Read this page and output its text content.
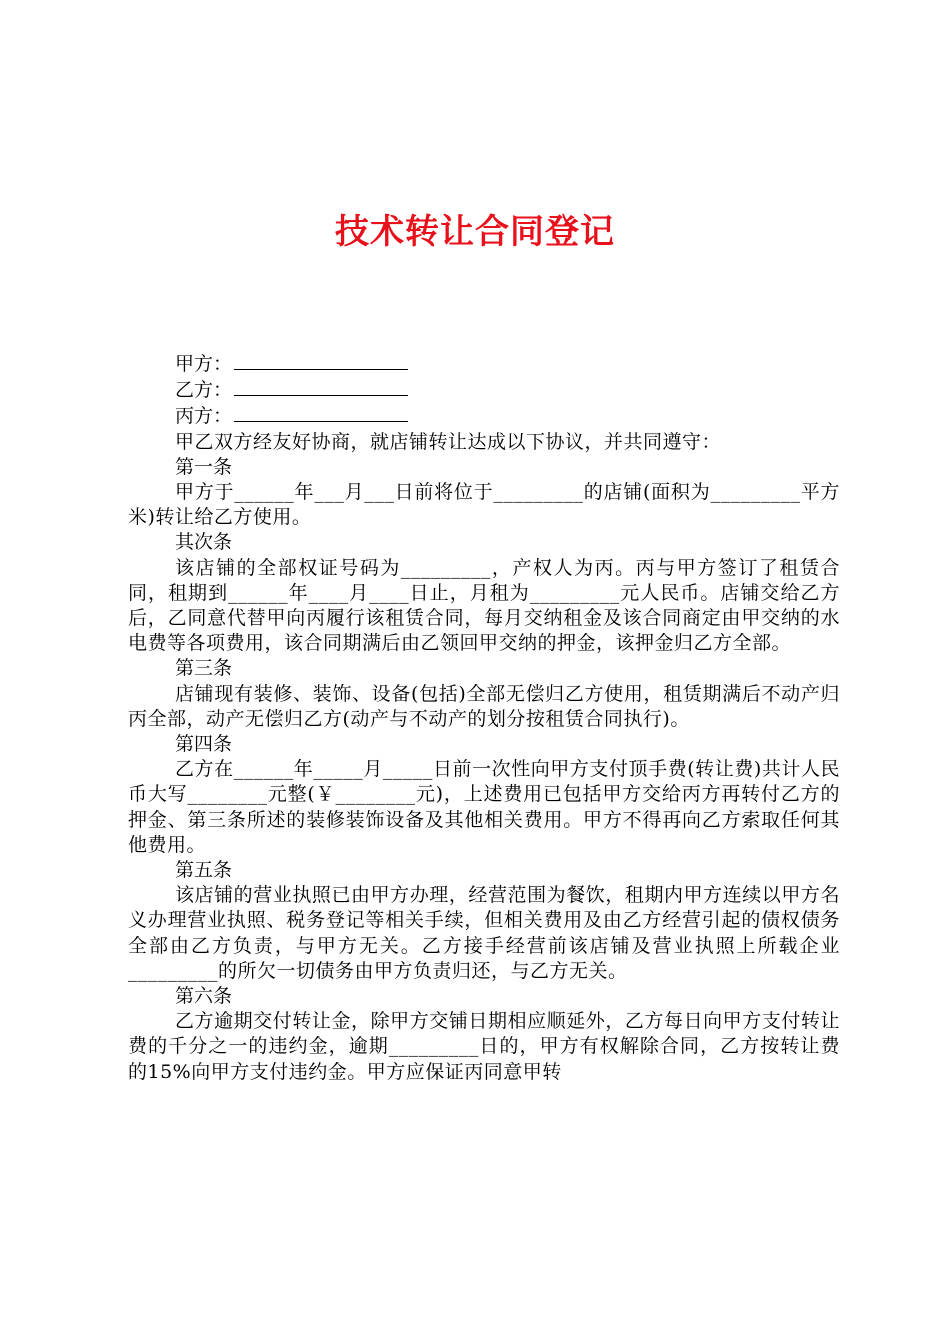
技术转让合同登记

甲方：

乙方：

丙方：

甲乙双方经友好协商，就店铺转让达成以下协议，并共同遵守：

第一条

甲方于______年___月___日前将位于_________的店铺(面积为_________平方米)转让给乙方使用。

其次条

该店铺的全部权证号码为_________，产权人为丙。丙与甲方签订了租赁合同，租期到______年____月____日止，月租为_________元人民币。店铺交给乙方后，乙同意代替甲向丙履行该租赁合同，每月交纳租金及该合同商定由甲交纳的水电费等各项费用，该合同期满后由乙领回甲交纳的押金，该押金归乙方全部。

第三条

店铺现有装修、装饰、设备(包括)全部无偿归乙方使用，租赁期满后不动产归丙全部，动产无偿归乙方(动产与不动产的划分按租赁合同执行)。

第四条

乙方在______年_____月_____日前一次性向甲方支付顶手费(转让费)共计人民币大写________元整(￥________元)，上述费用已包括甲方交给丙方再转付乙方的押金、第三条所述的装修装饰设备及其他相关费用。甲方不得再向乙方索取任何其他费用。

第五条

该店铺的营业执照已由甲方办理，经营范围为餐饮，租期内甲方连续以甲方名义办理营业执照、税务登记等相关手续，但相关费用及由乙方经营引起的债权债务全部由乙方负责，与甲方无关。乙方接手经营前该店铺及营业执照上所载企业_________的所欠一切债务由甲方负责归还，与乙方无关。

第六条

乙方逾期交付转让金，除甲方交铺日期相应顺延外，乙方每日向甲方支付转让费的千分之一的违约金，逾期_________日的，甲方有权解除合同，乙方按转让费的15%向甲方支付违约金。甲方应保证丙同意甲转
